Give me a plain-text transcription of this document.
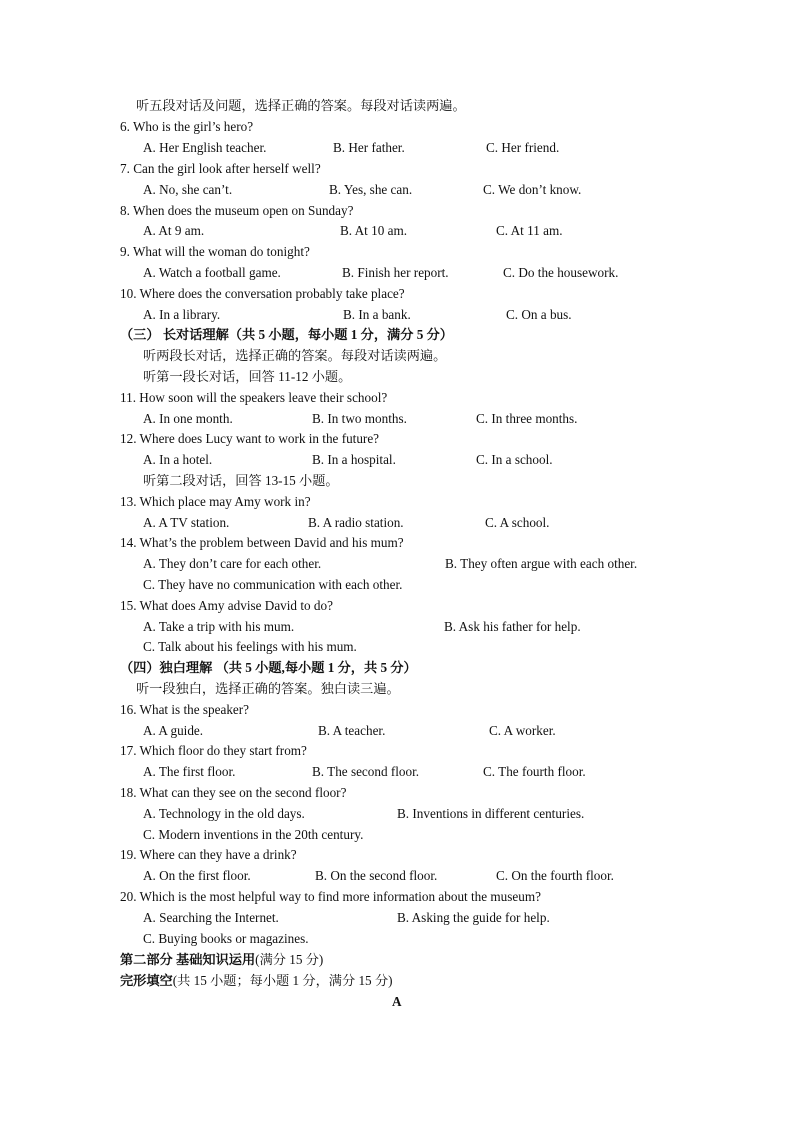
听五段对话及问题，选择正确的答案。每段对话读两遍。
6. Who is the girl’s hero?
A. Her English teacher.	B. Her father.	C. Her friend.
7. Can the girl look after herself well?
A. No, she can’t.	B. Yes, she can.	C. We don’t know.
8. When does the museum open on Sunday?
A. At 9 am.	B. At 10 am.	C. At 11 am.
9. What will the woman do tonight?
A. Watch a football game.	B. Finish her report.	C. Do the housework.
10. Where does the conversation probably take place?
A. In a library.	B. In a bank.	C. On a bus.
（三） 长对话理解（共 5 小题，每小题 1 分，满分 5 分）
听两段长对话，选择正确的答案。每段对话读两遍。
听第一段长对话，回答 11-12 小题。
11. How soon will the speakers leave their school?
A. In one month.	B. In two months.	C. In three months.
12. Where does Lucy want to work in the future?
A. In a hotel.	B. In a hospital.	C. In a school.
听第二段对话，回答 13-15 小题。
13. Which place may Amy work in?
A. A TV station.	B. A radio station.	C. A school.
14. What’s the problem between David and his mum?
A. They don’t care for each other.	B. They often argue with each other.
C. They have no communication with each other.
15. What does Amy advise David to do?
A. Take a trip with his mum.	B. Ask his father for help.
C. Talk about his feelings with his mum.
（四）独白理解 （共 5 小题,每小题 1 分，共 5 分）
听一段独白，选择正确的答案。独白读三遍。
16. What is the speaker?
A. A guide.	B. A teacher.	C. A worker.
17. Which floor do they start from?
A. The first floor.	B. The second floor.	C. The fourth floor.
18. What can they see on the second floor?
A. Technology in the old days.	B. Inventions in different centuries.
C. Modern inventions in the 20th century.
19. Where can they have a drink?
A. On the first floor.	B. On the second floor.	C. On the fourth floor.
20. Which is the most helpful way to find more information about the museum?
A. Searching the Internet.	B. Asking the guide for help.
C. Buying books or magazines.
第二部分 基础知识运用(满分 15 分)
完形填空(共 15 小题；每小题 1 分，满分 15 分)
A
